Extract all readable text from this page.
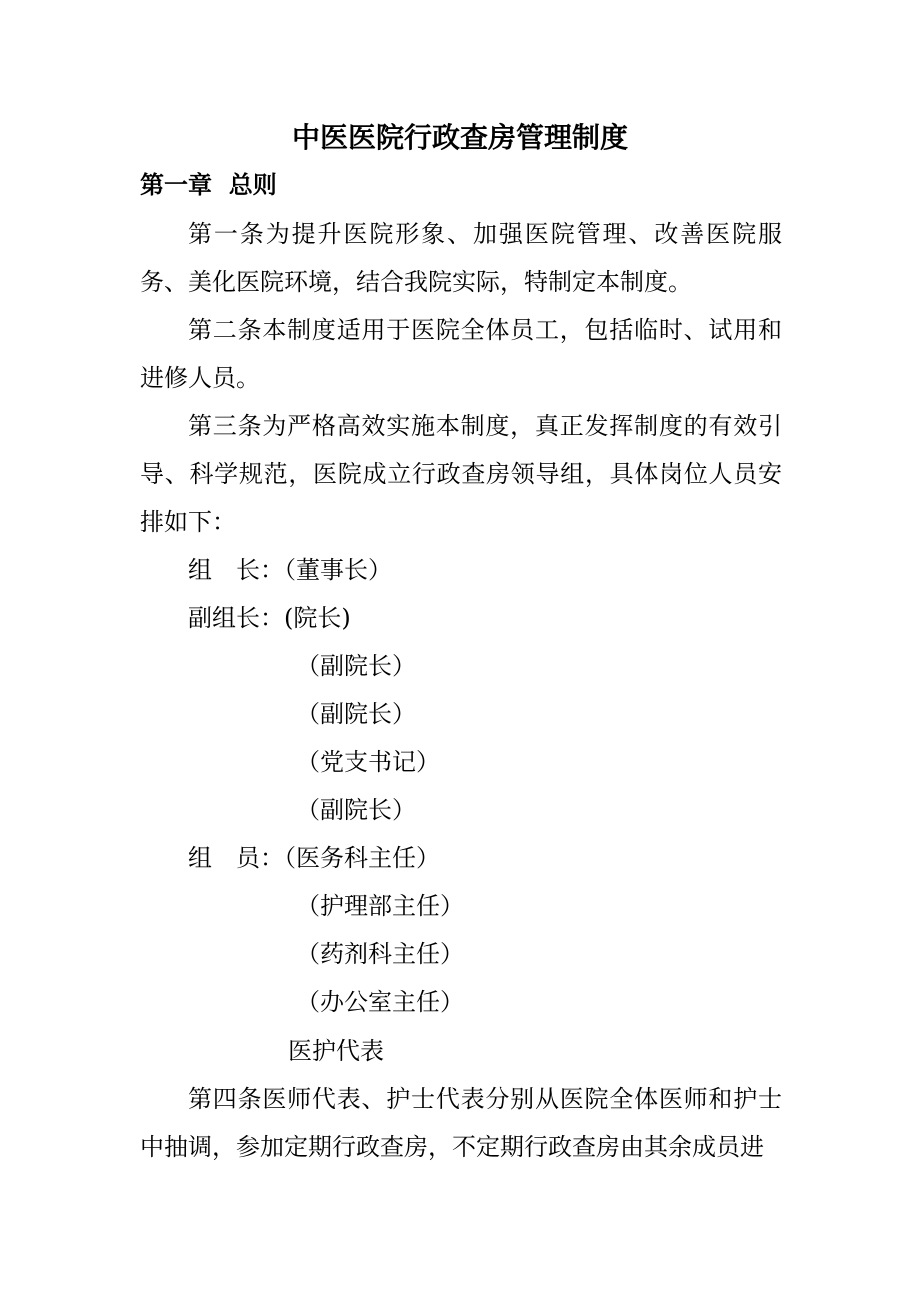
中医医院行政查房管理制度
第一章  总则

第一条为提升医院形象、加强医院管理、改善医院服务、美化医院环境，结合我院实际，特制定本制度。

第二条本制度适用于医院全体员工，包括临时、试用和进修人员。

第三条为严格高效实施本制度，真正发挥制度的有效引导、科学规范，医院成立行政查房领导组，具体岗位人员安排如下：

组　长：（董事长）

副组长：(院长)

（副院长）

（副院长）

（党支书记）

（副院长）

组　员：（医务科主任）

（护理部主任）

（药剂科主任）

（办公室主任）

医护代表

第四条医师代表、护士代表分别从医院全体医师和护士中抽调，参加定期行政查房，不定期行政查房由其余成员进
